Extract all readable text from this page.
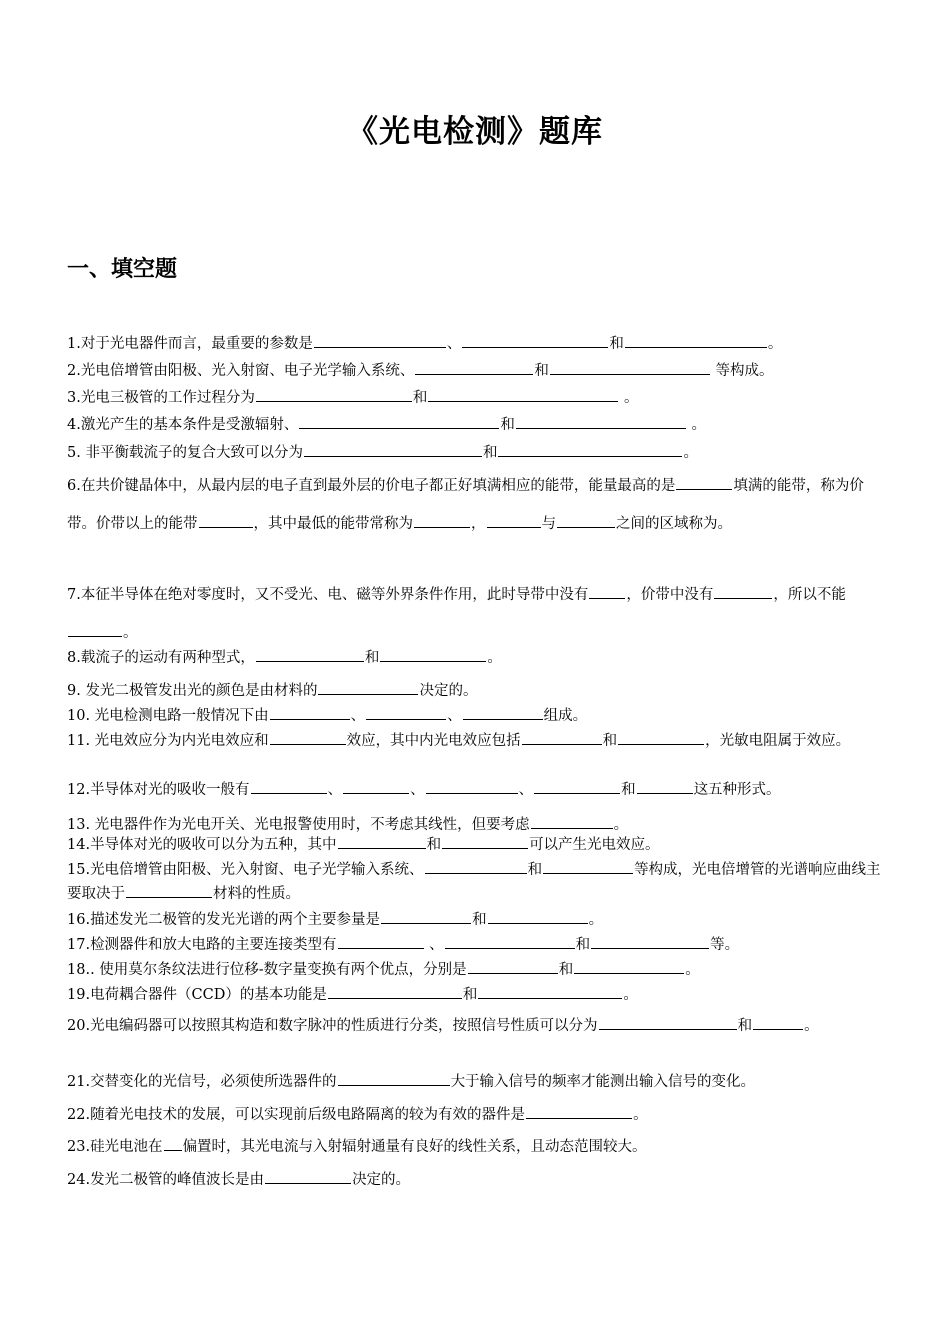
《光电检测》题库
一、填空题
1.对于光电器件而言，最重要的参数是	、	和	。
2.光电倍增管由阳极、光入射窗、电子光学输入系统、	和	等构成。
3.光电三极管的工作过程分为	和	。
4.激光产生的基本条件是受激辐射、	和	。
5. 非平衡载流子的复合大致可以分为	和	。
6.在共价键晶体中，从最内层的电子直到最外层的价电子都正好填满相应的能带，能量最高的是	填满的能带，称为价带。价带以上的能带	，其中最低的能带常称为	，	与	之间的区域称为。
7.本征半导体在绝对零度时，又不受光、电、磁等外界条件作用，此时导带中没有	，价带中没有	，所以不能。
8.载流子的运动有两种型式，	和	。
9. 发光二极管发出光的颜色是由材料的	决定的。
10. 光电检测电路一般情况下由	、	、	组成。
11. 光电效应分为内光电效应和	效应，其中内光电效应包括	和	，光敏电阻属于效应。
12.半导体对光的吸收一般有	、	、	、	和	这五种形式。
13. 光电器件作为光电开关、光电报警使用时，不考虑其线性，但要考虑	。
14.半导体对光的吸收可以分为五种，其中	和	可以产生光电效应。
15.光电倍增管由阳极、光入射窗、电子光学输入系统、	和	等构成，光电倍增管的光谱响应曲线主要取决于	材料的性质。
16.描述发光二极管的发光光谱的两个主要参量是	和	。
17.检测器件和放大电路的主要连接类型有	、	和	等。
18.. 使用莫尔条纹法进行位移-数字量变换有两个优点，分别是	和	。
19.电荷耦合器件（CCD）的基本功能是	和	。
20.光电编码器可以按照其构造和数字脉冲的性质进行分类，按照信号性质可以分为	和	。
21.交替变化的光信号，必须使所选器件的	大于输入信号的频率才能测出输入信号的变化。
22.随着光电技术的发展，可以实现前后级电路隔离的较为有效的器件是	。
23.硅光电池在 偏置时，其光电流与入射辐射通量有良好的线性关系，且动态范围较大。
24.发光二极管的峰值波长是由	决定的。
